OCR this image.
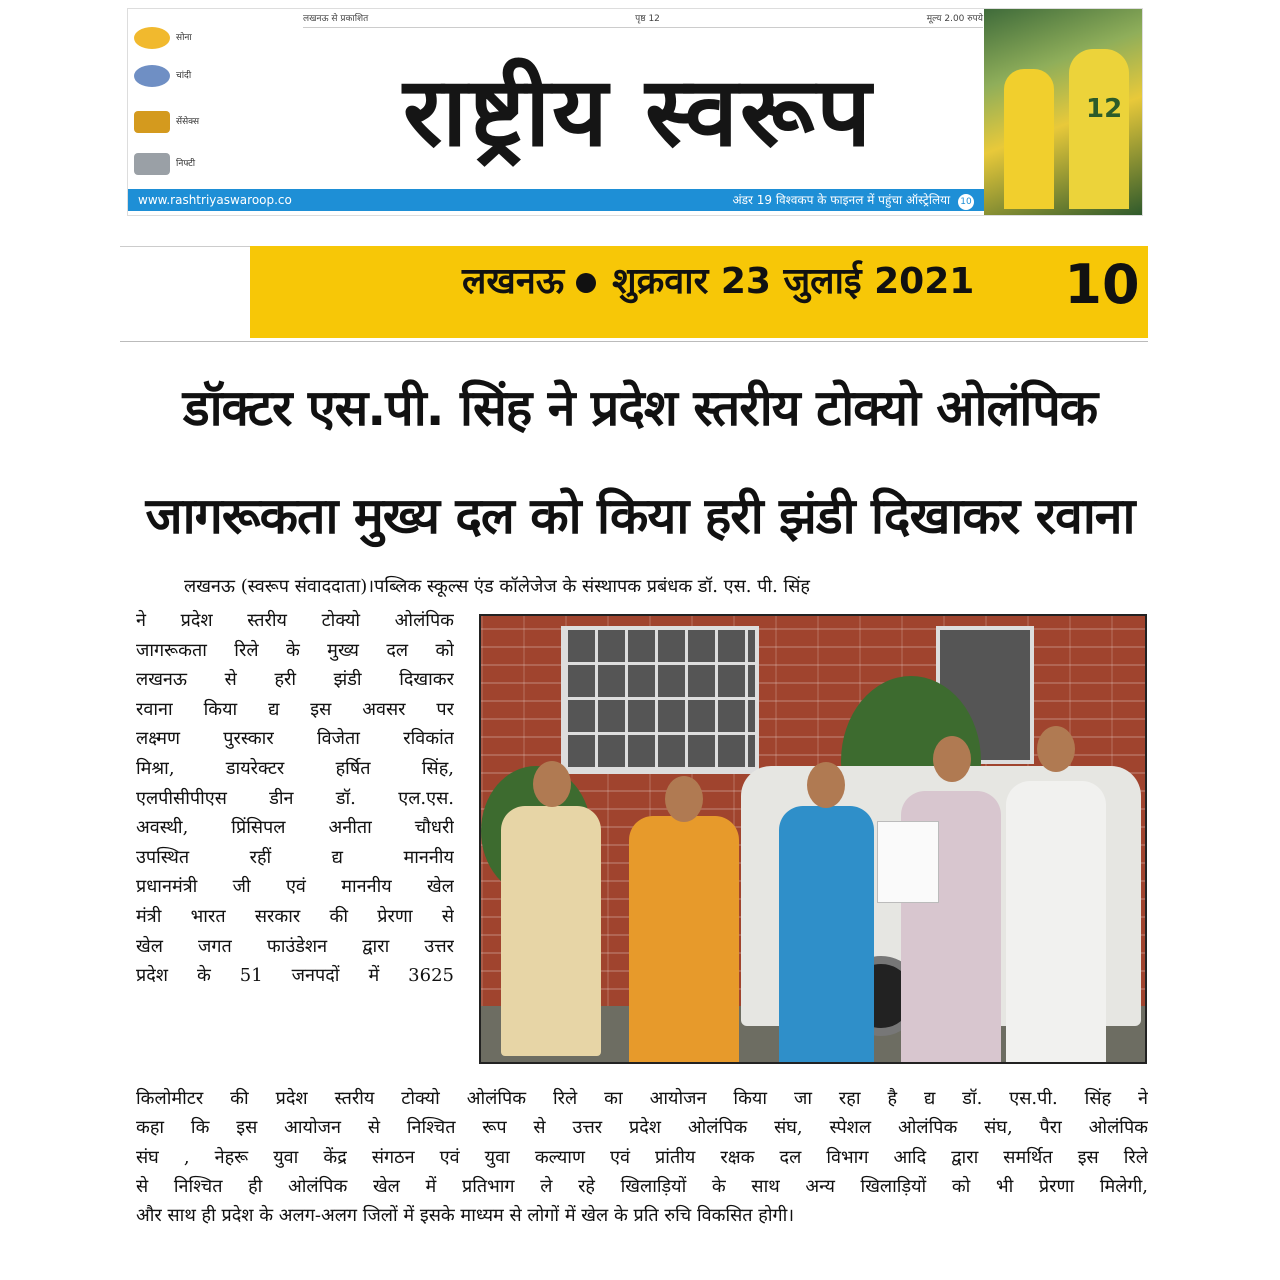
लखनऊ से प्रकाशित	पृष्ठ 12	मूल्य 2.00 रुपये
सोना
चांदी
सेंसेक्स
निफ्टी	राष्ट्रीय स्वरूप	12
www.rashtriyaswaroop.co	अंडर 19 विश्वकप के फाइनल में पहुंचा ऑस्ट्रेलिया 10
लखनऊ शुक्रवार 23 जुलाई 2021	10
डॉक्टर एस.पी. सिंह ने प्रदेश स्तरीय टोक्यो ओलंपिक
जागरूकता मुख्य दल को किया हरी झंडी दिखाकर रवाना
लखनऊ (स्वरूप संवाददाता)।पब्लिक स्कूल्स एंड कॉलेजेज के संस्थापक प्रबंधक डॉ. एस. पी. सिंह
ने प्रदेश स्तरीय टोक्यो ओलंपिक
जागरूकता रिले के मुख्य दल को
लखनऊ से हरी झंडी दिखाकर
रवाना किया द्य इस अवसर पर
लक्ष्मण पुरस्कार विजेता रविकांत
मिश्रा, डायरेक्टर हर्षित सिंह,
एलपीसीपीएस डीन डॉ. एल.एस.
अवस्थी, प्रिंसिपल अनीता चौधरी
उपस्थित रहीं द्य माननीय
प्रधानमंत्री जी एवं माननीय खेल
मंत्री भारत सरकार की प्रेरणा से
खेल जगत फाउंडेशन द्वारा उत्तर
प्रदेश के 51 जनपदों में 3625
किलोमीटर की प्रदेश स्तरीय टोक्यो ओलंपिक रिले का आयोजन किया जा रहा है द्य डॉ. एस.पी. सिंह ने
कहा कि इस आयोजन से निश्चित रूप से उत्तर प्रदेश ओलंपिक संघ, स्पेशल ओलंपिक संघ, पैरा ओलंपिक
संघ , नेहरू युवा केंद्र संगठन एवं युवा कल्याण एवं प्रांतीय रक्षक दल विभाग आदि द्वारा समर्थित इस रिले
से निश्चित ही ओलंपिक खेल में प्रतिभाग ले रहे खिलाड़ियों के साथ अन्य खिलाड़ियों को भी प्रेरणा मिलेगी,
और साथ ही प्रदेश के अलग-अलग जिलों में इसके माध्यम से लोगों में खेल के प्रति रुचि विकसित होगी।
